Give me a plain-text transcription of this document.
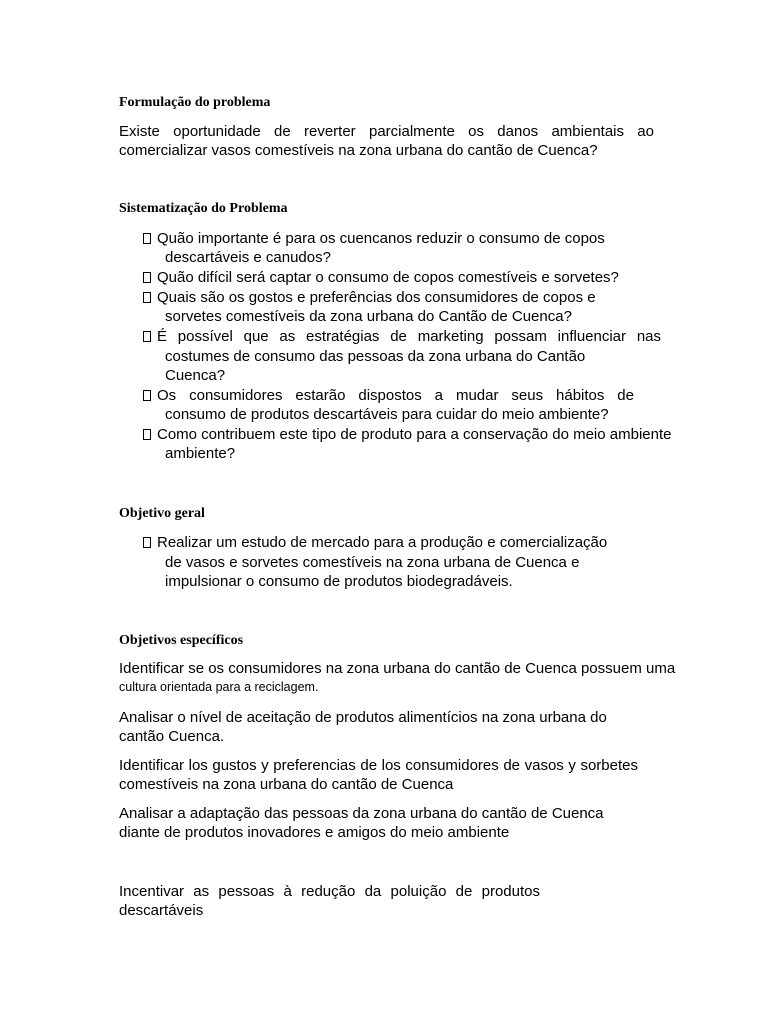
Formulação do problema
Existe oportunidade de reverter parcialmente os danos ambientais ao
comercializar vasos comestíveis na zona urbana do cantão de Cuenca?
Sistematização do Problema
Quão importante é para os cuencanos reduzir o consumo de copos
descartáveis e canudos?
Quão difícil será captar o consumo de copos comestíveis e sorvetes?
Quais são os gostos e preferências dos consumidores de copos e
sorvetes comestíveis da zona urbana do Cantão de Cuenca?
É possível que as estratégias de marketing possam influenciar nas
costumes de consumo das pessoas da zona urbana do Cantão
Cuenca?
Os consumidores estarão dispostos a mudar seus hábitos de
consumo de produtos descartáveis para cuidar do meio ambiente?
Como contribuem este tipo de produto para a conservação do meio ambiente
ambiente?
Objetivo geral
Realizar um estudo de mercado para a produção e comercialização
de vasos e sorvetes comestíveis na zona urbana de Cuenca e
impulsionar o consumo de produtos biodegradáveis.
Objetivos específicos
Identificar se os consumidores na zona urbana do cantão de Cuenca possuem uma
cultura orientada para a reciclagem.
Analisar o nível de aceitação de produtos alimentícios na zona urbana do
cantão Cuenca.
Identificar los gustos y preferencias de los consumidores de vasos y sorbetes
comestíveis na zona urbana do cantão de Cuenca
Analisar a adaptação das pessoas da zona urbana do cantão de Cuenca
diante de produtos inovadores e amigos do meio ambiente
Incentivar as pessoas à redução da poluição de produtos
descartáveis
